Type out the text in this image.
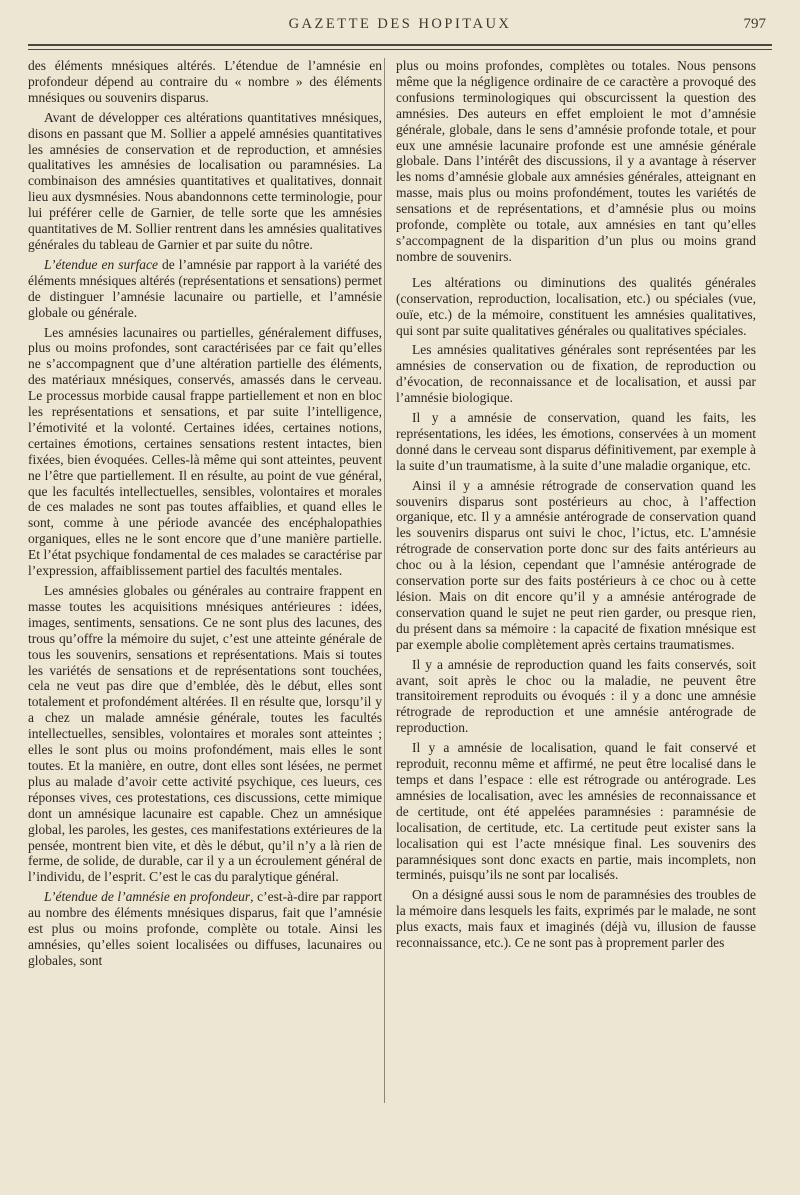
GAZETTE DES HOPITAUX	797

des éléments mnésiques altérés. L’étendue de l’amnésie en profondeur dépend au contraire du « nombre » des éléments mnésiques ou souvenirs disparus.

Avant de développer ces altérations quantitatives mnésiques, disons en passant que M. Sollier a appelé amnésies quantitatives les amnésies de conservation et de reproduction, et amnésies qualitatives les amnésies de localisation ou paramnésies. La combinaison des amnésies quantitatives et qualitatives, donnait lieu aux dysmnésies. Nous abandonnons cette terminologie, pour lui préférer celle de Garnier, de telle sorte que les amnésies quantitatives de M. Sollier rentrent dans les amnésies qualitatives générales du tableau de Garnier et par suite du nôtre.

L’étendue en surface de l’amnésie par rapport à la variété des éléments mnésiques altérés (représentations et sensations) permet de distinguer l’amnésie lacunaire ou partielle, et l’amnésie globale ou générale.

Les amnésies lacunaires ou partielles, généralement diffuses, plus ou moins profondes, sont caractérisées par ce fait qu’elles ne s’accompagnent que d’une altération partielle des éléments, des matériaux mnésiques, conservés, amassés dans le cerveau. Le processus morbide causal frappe partiellement et non en bloc les représentations et sensations, et par suite l’intelligence, l’émotivité et la volonté. Certaines idées, certaines notions, certaines émotions, certaines sensations restent intactes, bien fixées, bien évoquées. Celles-là même qui sont atteintes, peuvent ne l’être que partiellement. Il en résulte, au point de vue général, que les facultés intellectuelles, sensibles, volontaires et morales de ces malades ne sont pas toutes affaiblies, et quand elles le sont, comme à une période avancée des encéphalopathies organiques, elles ne le sont encore que d’une manière partielle. Et l’état psychique fondamental de ces malades se caractérise par l’expression, affaiblissement partiel des facultés mentales.

Les amnésies globales ou générales au contraire frappent en masse toutes les acquisitions mnésiques antérieures : idées, images, sentiments, sensations. Ce ne sont plus des lacunes, des trous qu’offre la mémoire du sujet, c’est une atteinte générale de tous les souvenirs, sensations et représentations. Mais si toutes les variétés de sensations et de représentations sont touchées, cela ne veut pas dire que d’emblée, dès le début, elles sont totalement et profondément altérées. Il en résulte que, lorsqu’il y a chez un malade amnésie générale, toutes les facultés intellectuelles, sensibles, volontaires et morales sont atteintes ; elles le sont plus ou moins profondément, mais elles le sont toutes. Et la manière, en outre, dont elles sont lésées, ne permet plus au malade d’avoir cette activité psychique, ces lueurs, ces réponses vives, ces protestations, ces discussions, cette mimique dont un amnésique lacunaire est capable. Chez un amnésique global, les paroles, les gestes, ces manifestations extérieures de la pensée, montrent bien vite, et dès le début, qu’il n’y a là rien de ferme, de solide, de durable, car il y a un écroulement général de l’individu, de l’esprit. C’est le cas du paralytique général.

L’étendue de l’amnésie en profondeur, c’est-à-dire par rapport au nombre des éléments mnésiques disparus, fait que l’amnésie est plus ou moins profonde, complète ou totale. Ainsi les amnésies, qu’elles soient localisées ou diffuses, lacunaires ou globales, sont

plus ou moins profondes, complètes ou totales. Nous pensons même que la négligence ordinaire de ce caractère a provoqué des confusions terminologiques qui obscurcissent la question des amnésies. Des auteurs en effet emploient le mot d’amnésie générale, globale, dans le sens d’amnésie profonde totale, et pour eux une amnésie lacunaire profonde est une amnésie générale globale. Dans l’intérêt des discussions, il y a avantage à réserver les noms d’amnésie globale aux amnésies générales, atteignant en masse, mais plus ou moins profondément, toutes les variétés de sensations et de représentations, et d’amnésie plus ou moins profonde, complète ou totale, aux amnésies en tant qu’elles s’accompagnent de la disparition d’un plus ou moins grand nombre de souvenirs.

Les altérations ou diminutions des qualités générales (conservation, reproduction, localisation, etc.) ou spéciales (vue, ouïe, etc.) de la mémoire, constituent les amnésies qualitatives, qui sont par suite qualitatives générales ou qualitatives spéciales.

Les amnésies qualitatives générales sont représentées par les amnésies de conservation ou de fixation, de reproduction ou d’évocation, de reconnaissance et de localisation, et aussi par l’amnésie biologique.

Il y a amnésie de conservation, quand les faits, les représentations, les idées, les émotions, conservées à un moment donné dans le cerveau sont disparus définitivement, par exemple à la suite d’un traumatisme, à la suite d’une maladie organique, etc.

Ainsi il y a amnésie rétrograde de conservation quand les souvenirs disparus sont postérieurs au choc, à l’affection organique, etc. Il y a amnésie antérograde de conservation quand les souvenirs disparus ont suivi le choc, l’ictus, etc. L’amnésie rétrograde de conservation porte donc sur des faits antérieurs au choc ou à la lésion, cependant que l’amnésie antérograde de conservation porte sur des faits postérieurs à ce choc ou à cette lésion. Mais on dit encore qu’il y a amnésie antérograde de conservation quand le sujet ne peut rien garder, ou presque rien, du présent dans sa mémoire : la capacité de fixation mnésique est par exemple abolie complètement après certains traumatismes.

Il y a amnésie de reproduction quand les faits conservés, soit avant, soit après le choc ou la maladie, ne peuvent être transitoirement reproduits ou évoqués : il y a donc une amnésie rétrograde de reproduction et une amnésie antérograde de reproduction.

Il y a amnésie de localisation, quand le fait conservé et reproduit, reconnu même et affirmé, ne peut être localisé dans le temps et dans l’espace : elle est rétrograde ou antérograde. Les amnésies de localisation, avec les amnésies de reconnaissance et de certitude, ont été appelées paramnésies : paramnésie de localisation, de certitude, etc. La certitude peut exister sans la localisation qui est l’acte mnésique final. Les souvenirs des paramnésiques sont donc exacts en partie, mais incomplets, non terminés, puisqu’ils ne sont par localisés.

On a désigné aussi sous le nom de paramnésies des troubles de la mémoire dans lesquels les faits, exprimés par le malade, ne sont plus exacts, mais faux et imaginés (déjà vu, illusion de fausse reconnaissance, etc.). Ce ne sont pas à proprement parler des
